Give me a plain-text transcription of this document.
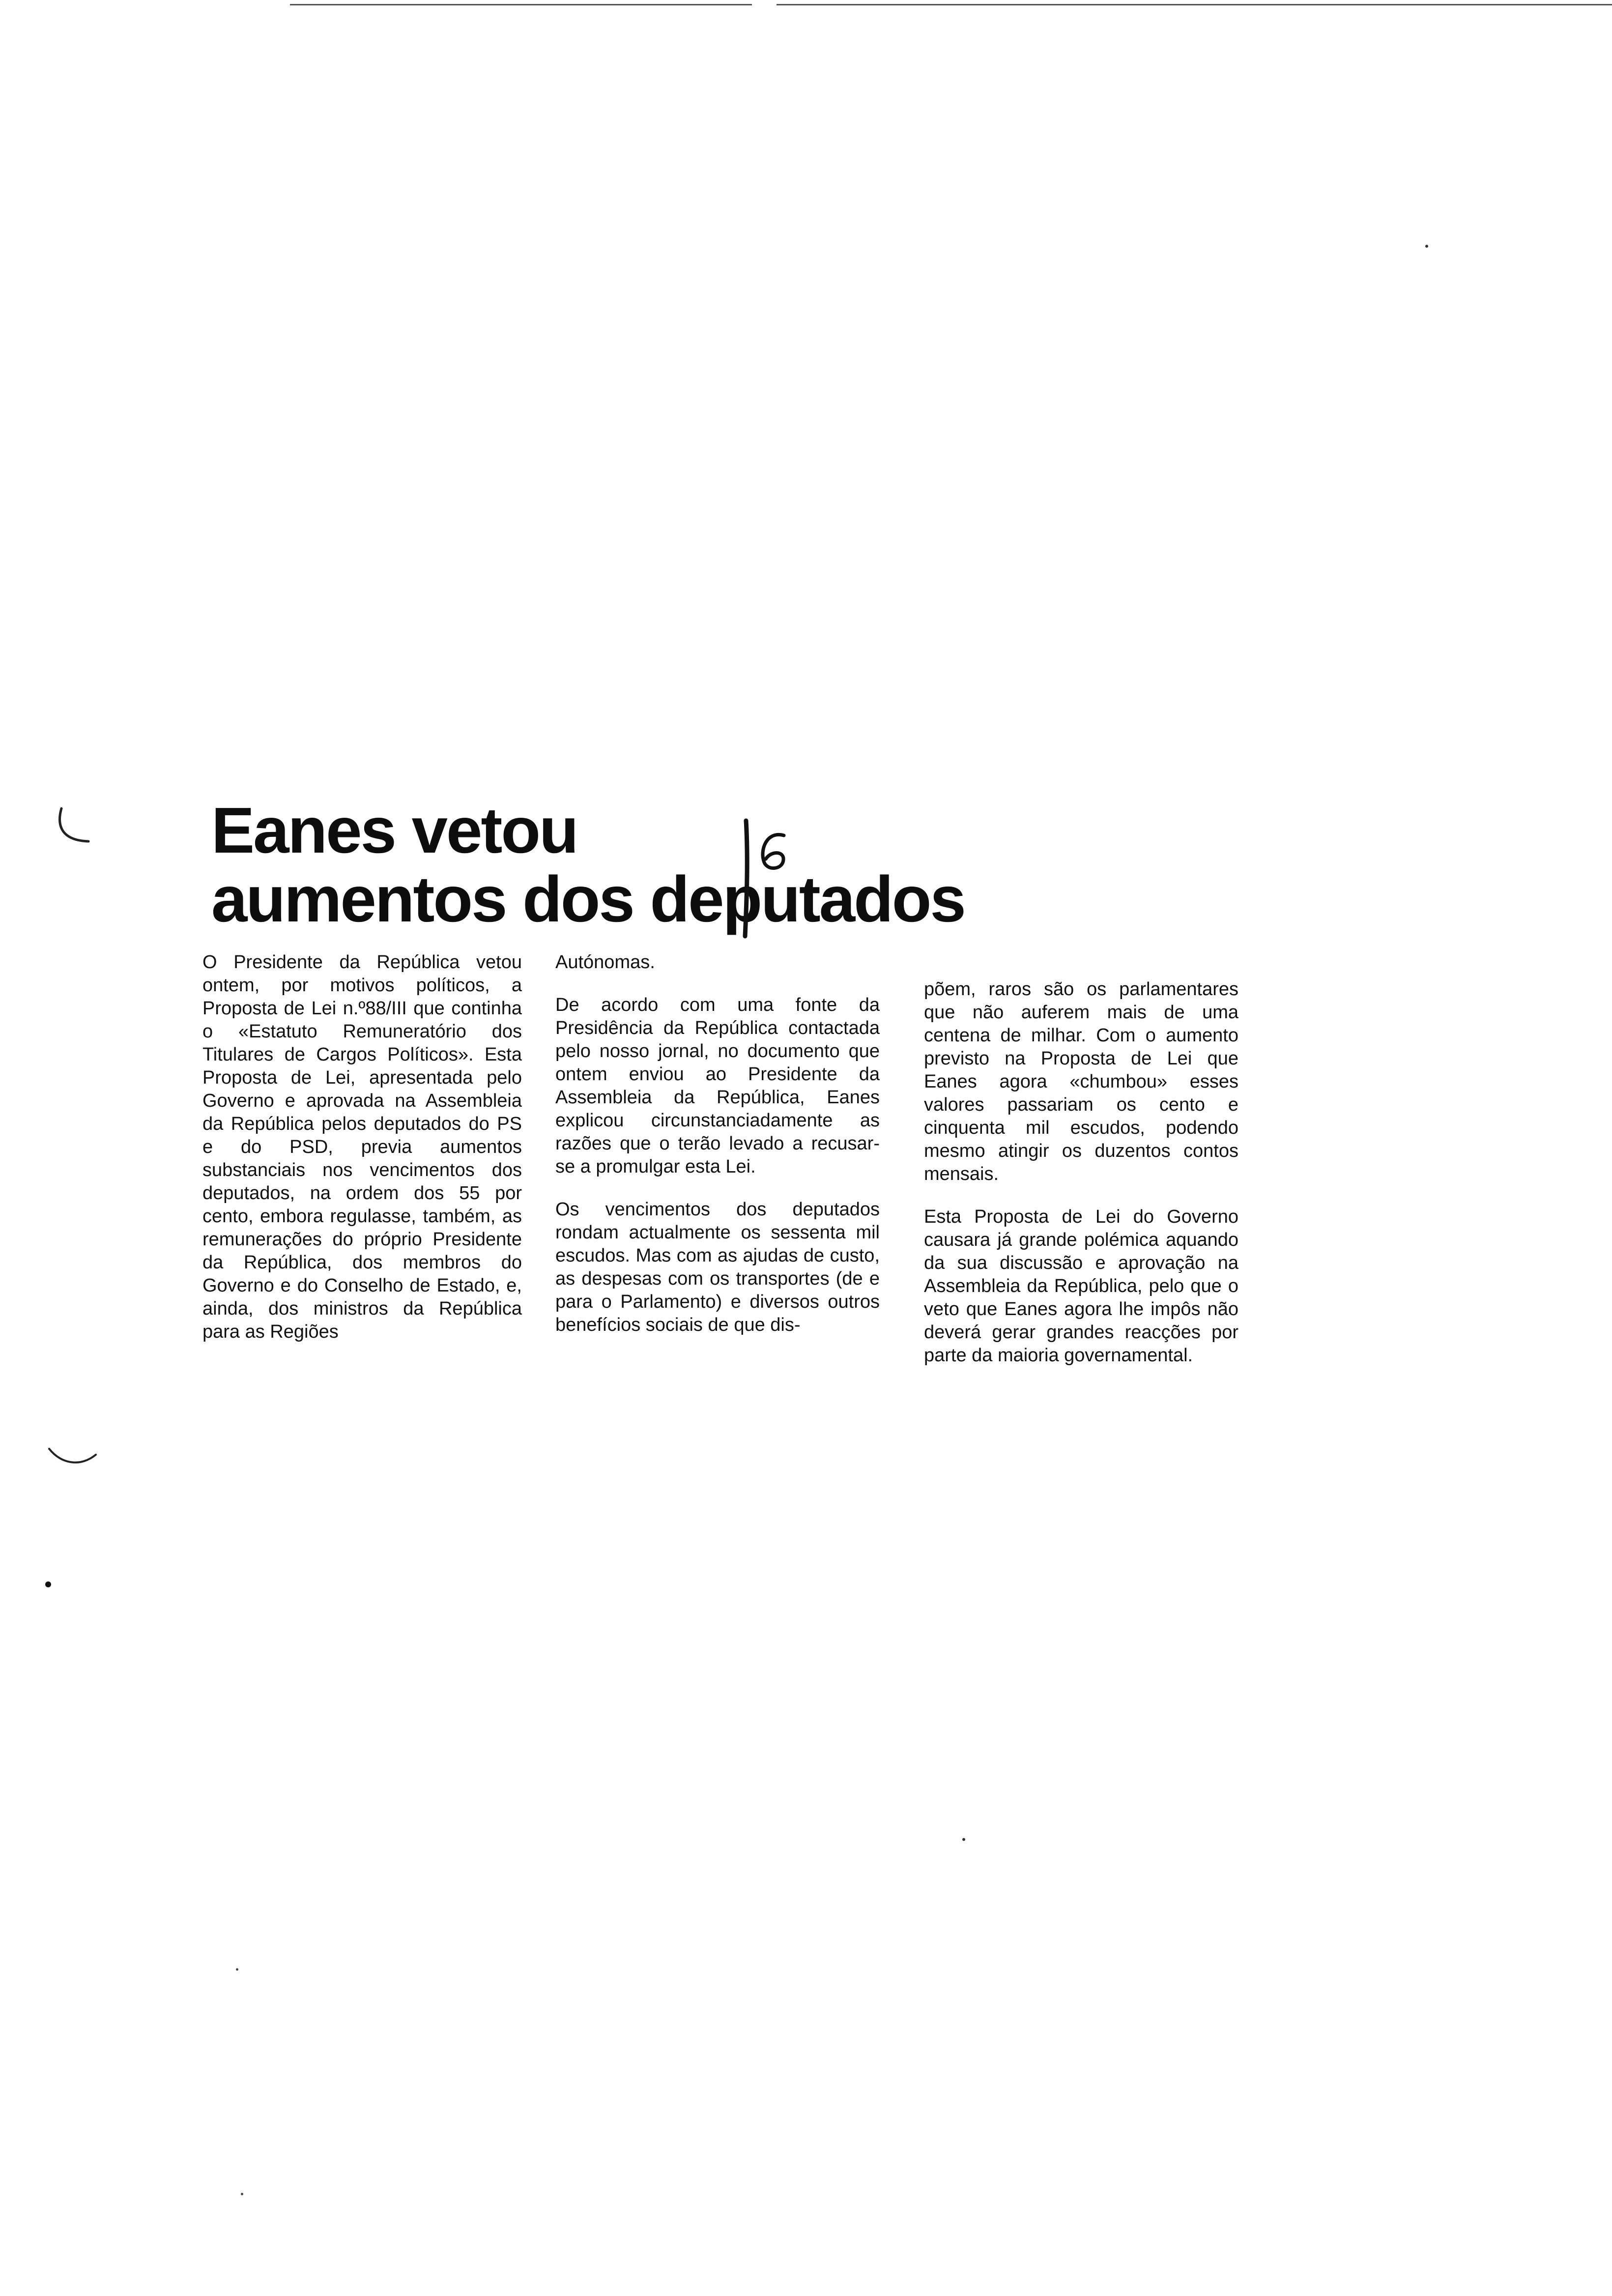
Eanes vetou
aumentos dos deputados

O Presidente da República vetou ontem, por motivos políticos, a Proposta de Lei n.º88/III que continha o «Estatuto Remuneratório dos Titulares de Cargos Políticos». Esta Proposta de Lei, apresentada pelo Governo e aprovada na Assembleia da República pelos deputados do PS e do PSD, previa aumentos substanciais nos vencimentos dos deputados, na ordem dos 55 por cento, embora regulasse, também, as remunerações do próprio Presidente da República, dos membros do Governo e do Conselho de Estado, e, ainda, dos ministros da República para as Regiões

Autónomas.

De acordo com uma fonte da Presidência da República contactada pelo nosso jornal, no documento que ontem enviou ao Presidente da Assembleia da República, Eanes explicou circunstanciadamente as razões que o terão levado a recusar-se a promulgar esta Lei.

Os vencimentos dos deputados rondam actualmente os sessenta mil escudos. Mas com as ajudas de custo, as despesas com os transportes (de e para o Parlamento) e diversos outros benefícios sociais de que dis-

põem, raros são os parlamentares que não auferem mais de uma centena de milhar. Com o aumento previsto na Proposta de Lei que Eanes agora «chumbou» esses valores passariam os cento e cinquenta mil escudos, podendo mesmo atingir os duzentos contos mensais.

Esta Proposta de Lei do Governo causara já grande polémica aquando da sua discussão e aprovação na Assembleia da República, pelo que o veto que Eanes agora lhe impôs não deverá gerar grandes reacções por parte da maioria governamental.
